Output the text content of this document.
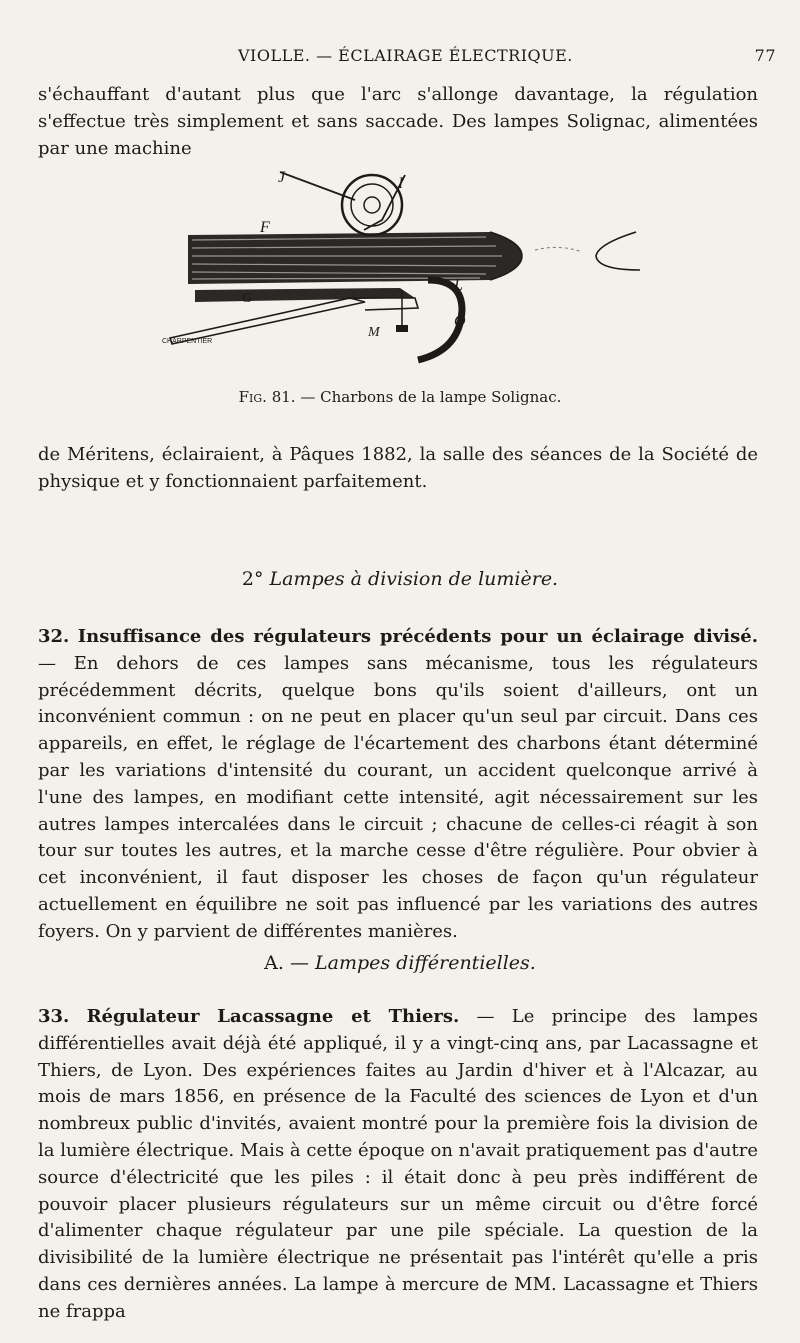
VIOLLE. — ÉCLAIRAGE ÉLECTRIQUE.	77
s'échauffant d'autant plus que l'arc s'allonge davantage, la régulation s'effectue très simplement et sans saccade. Des lampes Solignac, alimentées par une machine
J	I
F
G
L
M
O
CHARPENTIER
Fig. 81. — Charbons de la lampe Solignac.
de Méritens, éclairaient, à Pâques 1882, la salle des séances de la Société de physique et y fonctionnaient parfaitement.
2° Lampes à division de lumière.
32. Insuffisance des régulateurs précédents pour un éclairage divisé. — En dehors de ces lampes sans mécanisme, tous les régulateurs précédemment décrits, quelque bons qu'ils soient d'ailleurs, ont un inconvénient commun : on ne peut en placer qu'un seul par circuit. Dans ces appareils, en effet, le réglage de l'écartement des charbons étant déterminé par les variations d'intensité du courant, un accident quelconque arrivé à l'une des lampes, en modifiant cette intensité, agit nécessairement sur les autres lampes intercalées dans le circuit ; chacune de celles-ci réagit à son tour sur toutes les autres, et la marche cesse d'être régulière. Pour obvier à cet inconvénient, il faut disposer les choses de façon qu'un régulateur actuellement en équilibre ne soit pas influencé par les variations des autres foyers. On y parvient de différentes manières.
A. — Lampes différentielles.
33. Régulateur Lacassagne et Thiers. — Le principe des lampes différentielles avait déjà été appliqué, il y a vingt-cinq ans, par Lacassagne et Thiers, de Lyon. Des expériences faites au Jardin d'hiver et à l'Alcazar, au mois de mars 1856, en présence de la Faculté des sciences de Lyon et d'un nombreux public d'invités, avaient montré pour la première fois la division de la lumière électrique. Mais à cette époque on n'avait pratiquement pas d'autre source d'électricité que les piles : il était donc à peu près indifférent de pouvoir placer plusieurs régulateurs sur un même circuit ou d'être forcé d'alimenter chaque régulateur par une pile spéciale. La question de la divisibilité de la lumière électrique ne présentait pas l'intérêt qu'elle a pris dans ces dernières années. La lampe à mercure de MM. Lacassagne et Thiers ne frappa
